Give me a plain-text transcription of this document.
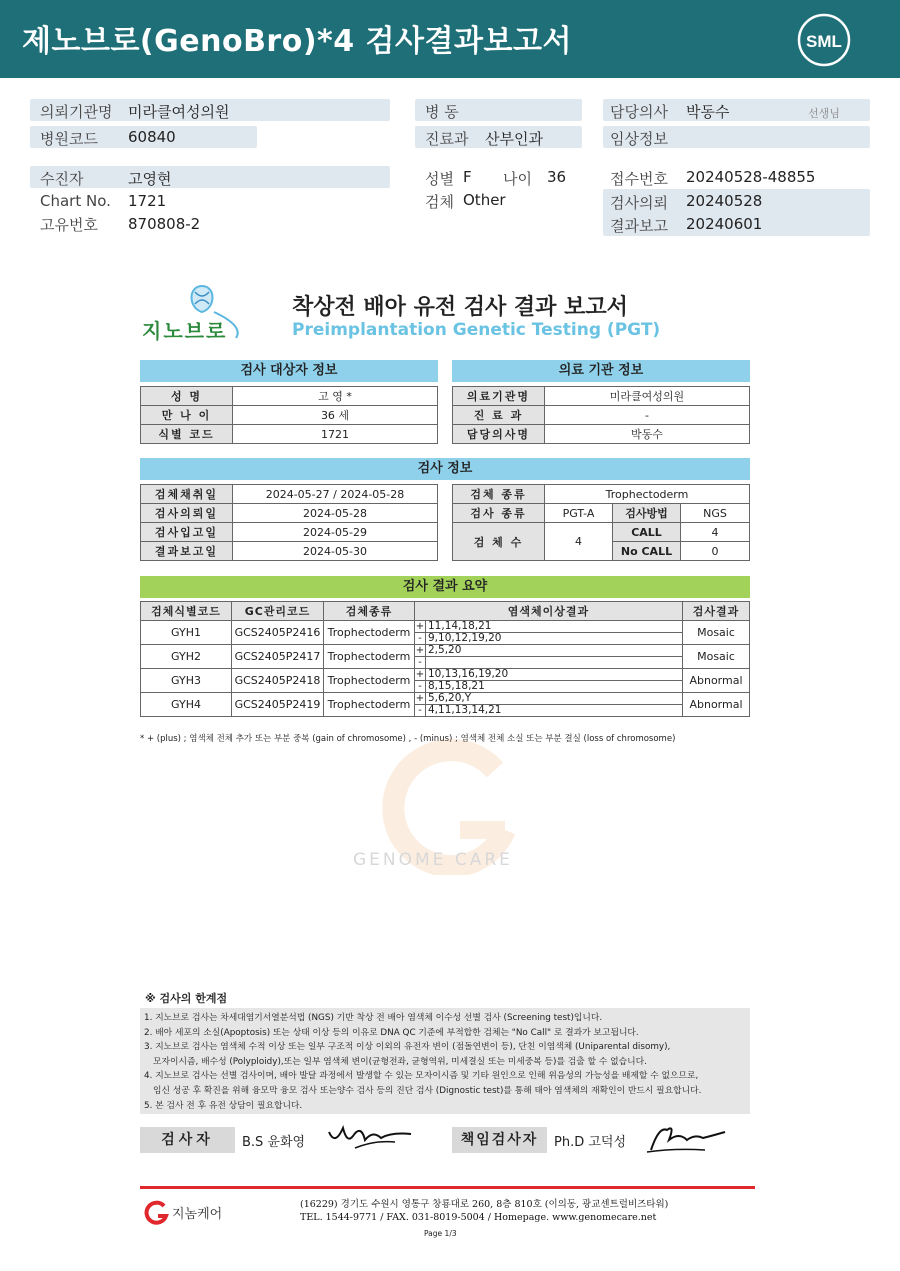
제노브로(GenoBro)*4 검사결과보고서	SML
의뢰기관명 미라클여성의원
병원코드 60840
병 동
진료과 산부인과
담당의사 박동수	선생님
임상정보
수진자	고영현
Chart No. 1721
고유번호 870808-2
성별 F 나이 36
검체 Other
접수번호 20240528-48855
검사의뢰 20240528
결과보고 20240601
지노브로
착상전 배아 유전 검사 결과 보고서
Preimplantation Genetic Testing (PGT)
검사 대상자 정보	의료 기관 정보
성 명	고 영 *
만 나 이	36 세
식별 코드	1721
의료기관명	미라클여성의원
진 료 과	-
담당의사명	박동수
검사 정보
검체채취일	2024-05-27 / 2024-05-28
검사의뢰일	2024-05-28
검사입고일	2024-05-29
결과보고일	2024-05-30
검체 종류	Trophectoderm		
검사 종류	PGT-A	검사방법	NGS
검 체 수	4	CALL	4
		No CALL	0
검사 결과 요약
검체식별코드	GC관리코드	검체종류	염색체이상결과		검사결과
GYH1	GCS2405P2416	Trophectoderm	+	11,14,18,21	Mosaic
			-	9,10,12,19,20	
GYH2	GCS2405P2417	Trophectoderm	+	2,5,20	Mosaic
			-		
GYH3	GCS2405P2418	Trophectoderm	+	10,13,16,19,20	Abnormal
			-	8,15,18,21	
GYH4	GCS2405P2419	Trophectoderm	+	5,6,20,Y	Abnormal
			-	4,11,13,14,21	
* + (plus) ; 염색체 전체 추가 또는 부분 중복 (gain of chromosome) , - (minus) ; 염색체 전체 소실 또는 부분 결실 (loss of chromosome)
GENOME CARE
※ 검사의 한계점
1. 지노브로 검사는 차세대염기서열분석법 (NGS) 기반 착상 전 배아 염색체 이수성 선별 검사 (Screening test)입니다.
2. 배아 세포의 소실(Apoptosis) 또는 상태 이상 등의 이유로 DNA QC 기준에 부적합한 검체는 "No Call" 로 결과가 보고됩니다.
3. 지노브로 검사는 염색체 수적 이상 또는 일부 구조적 이상 이외의 유전자 변이 (점돌연변이 등), 단친 이염색체 (Uniparental disomy),
모자이시즘, 배수성 (Polyploidy),또는 일부 염색체 변이(균형전좌, 균형역위, 미세결실 또는 미세중복 등)를 검출 할 수 없습니다.
4. 지노브로 검사는 선별 검사이며, 배아 발달 과정에서 발생할 수 있는 모자이시즘 및 기타 원인으로 인해 위음성의 가능성을 배제할 수 없으므로,
임신 성공 후 확진을 위해 융모막 융모 검사 또는양수 검사 등의 진단 검사 (Dignostic test)를 통해 태아 염색체의 재확인이 반드시 필요합니다.
5. 본 검사 전 후 유전 상담이 필요합니다.
검사자	B.S 윤화영	책임검사자	Ph.D 고덕성
지놈케어
(16229) 경기도 수원시 영통구 창룡대로 260, 8층 810호 (이의동, 광교센트럴비즈타워)
TEL. 1544-9771 / FAX. 031-8019-5004 / Homepage. www.genomecare.net
Page 1/3
